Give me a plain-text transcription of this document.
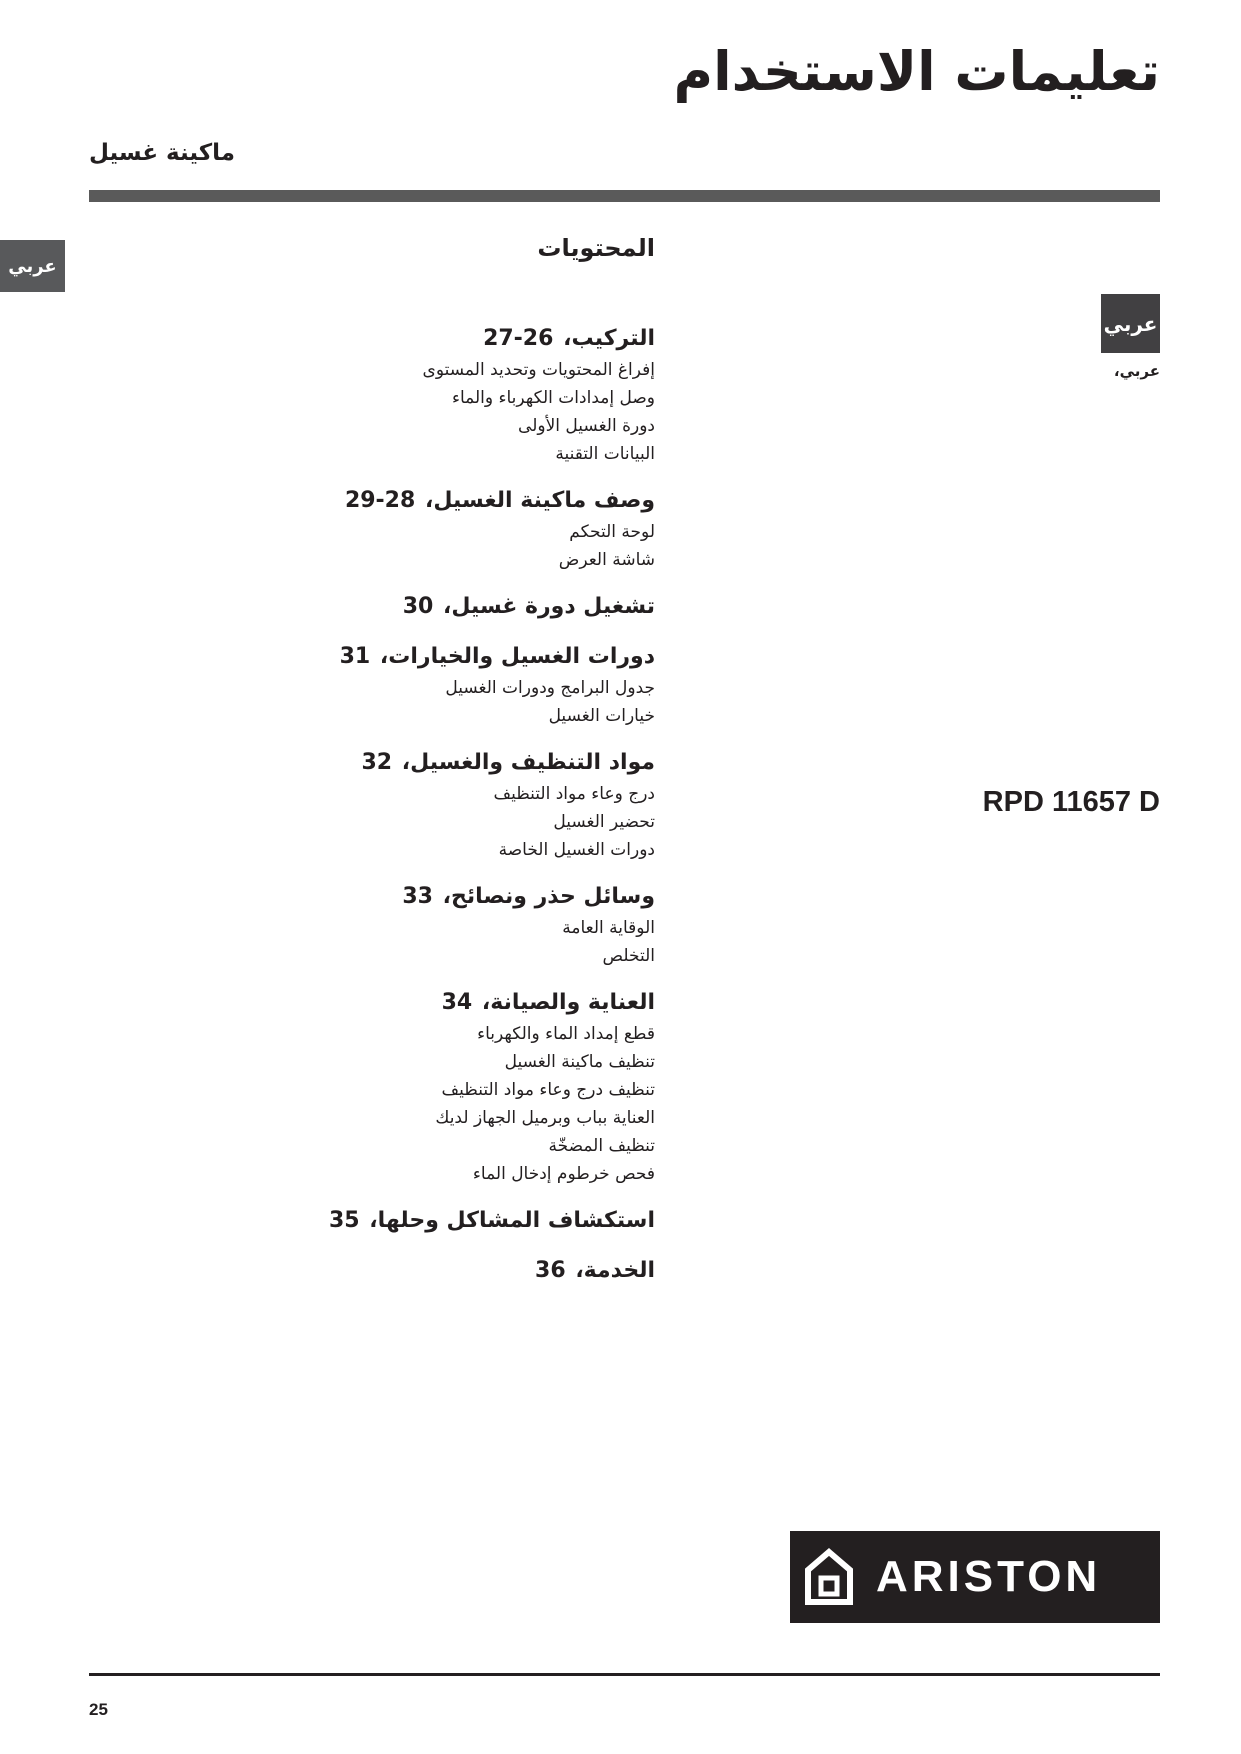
تعليمات الاستخدام
ماكينة غسيل
عربي
المحتويات
التركيب، 27-26
إفراغ المحتويات وتحديد المستوى
وصل إمدادات الكهرباء والماء
دورة الغسيل الأولى
البيانات التقنية
وصف ماكينة الغسيل، 29-28
لوحة التحكم
شاشة العرض
تشغيل دورة غسيل، 30
دورات الغسيل والخيارات، 31
جدول البرامج ودورات الغسيل
خيارات الغسيل
مواد التنظيف والغسيل، 32
درج وعاء مواد التنظيف
تحضير الغسيل
دورات الغسيل الخاصة
وسائل حذر ونصائح، 33
الوقاية العامة
التخلص
العناية والصيانة، 34
قطع إمداد الماء والكهرباء
تنظيف ماكينة الغسيل
تنظيف درج وعاء مواد التنظيف
العناية بباب وبرميل الجهاز لديك
تنظيف المضخّة
فحص خرطوم إدخال الماء
استكشاف المشاكل وحلها، 35
الخدمة، 36
عربي
عربي،
RPD 11657 D
ARISTON
25
